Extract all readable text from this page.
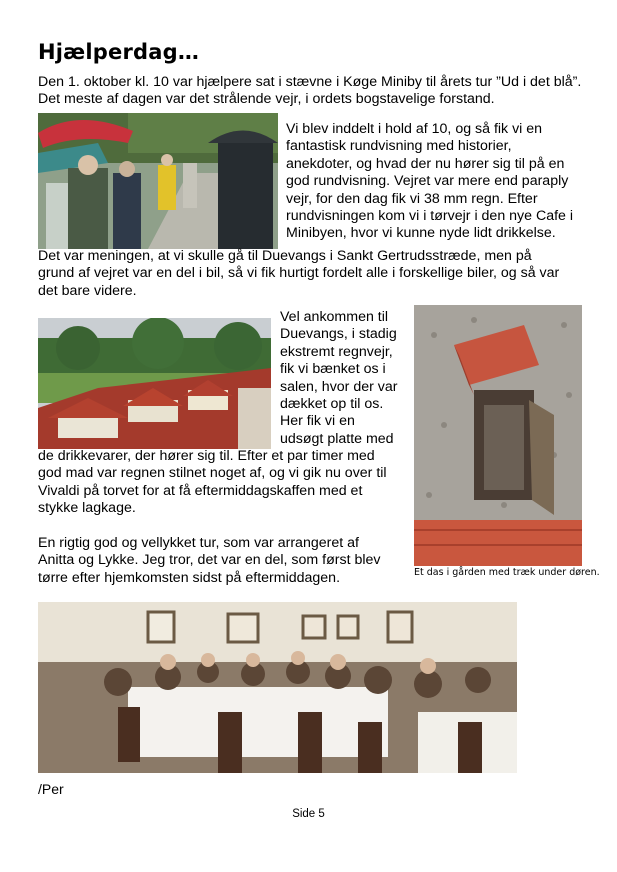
Hjælperdag…

Den 1. oktober kl. 10 var hjælpere sat i stævne i Køge Miniby til årets tur ”Ud i det blå”. Det meste af dagen var det strålende vejr, i ordets bogstavelige forstand.

Vi blev inddelt i hold af 10, og så fik vi en
fantastisk rundvisning med historier,
anekdoter, og hvad der nu hører sig til på en
god rundvisning. Vejret var mere end paraply
vejr, for den dag fik vi 38 mm regn. Efter
rundvisningen kom vi i tørvejr i den nye Cafe i
Minibyen, hvor vi kunne nyde lidt drikkelse.
Det var meningen, at vi skulle gå til Duevangs i Sankt Gertrudsstræde, men på
grund af vejret var en del i bil, så vi fik hurtigt fordelt alle i forskellige biler, og så var
det bare videre.
Vel ankommen til
Duevangs, i stadig
ekstremt regnvejr,
fik vi bænket os i
salen, hvor der var
dækket op til os.
Her fik vi en
udsøgt platte med
de drikkevarer, der hører sig til. Efter et par timer med
god mad var regnen stilnet noget af, og vi gik nu over til
Vivaldi på torvet for at få eftermiddagskaffen med et
stykke lagkage.
En rigtig god og vellykket tur, som var arrangeret af
Anitta og Lykke. Jeg tror, det var en del, som først blev
tørre efter hjemkomsten sidst på eftermiddagen.	Et das i gården med træk under døren.
/Per
Side 5
